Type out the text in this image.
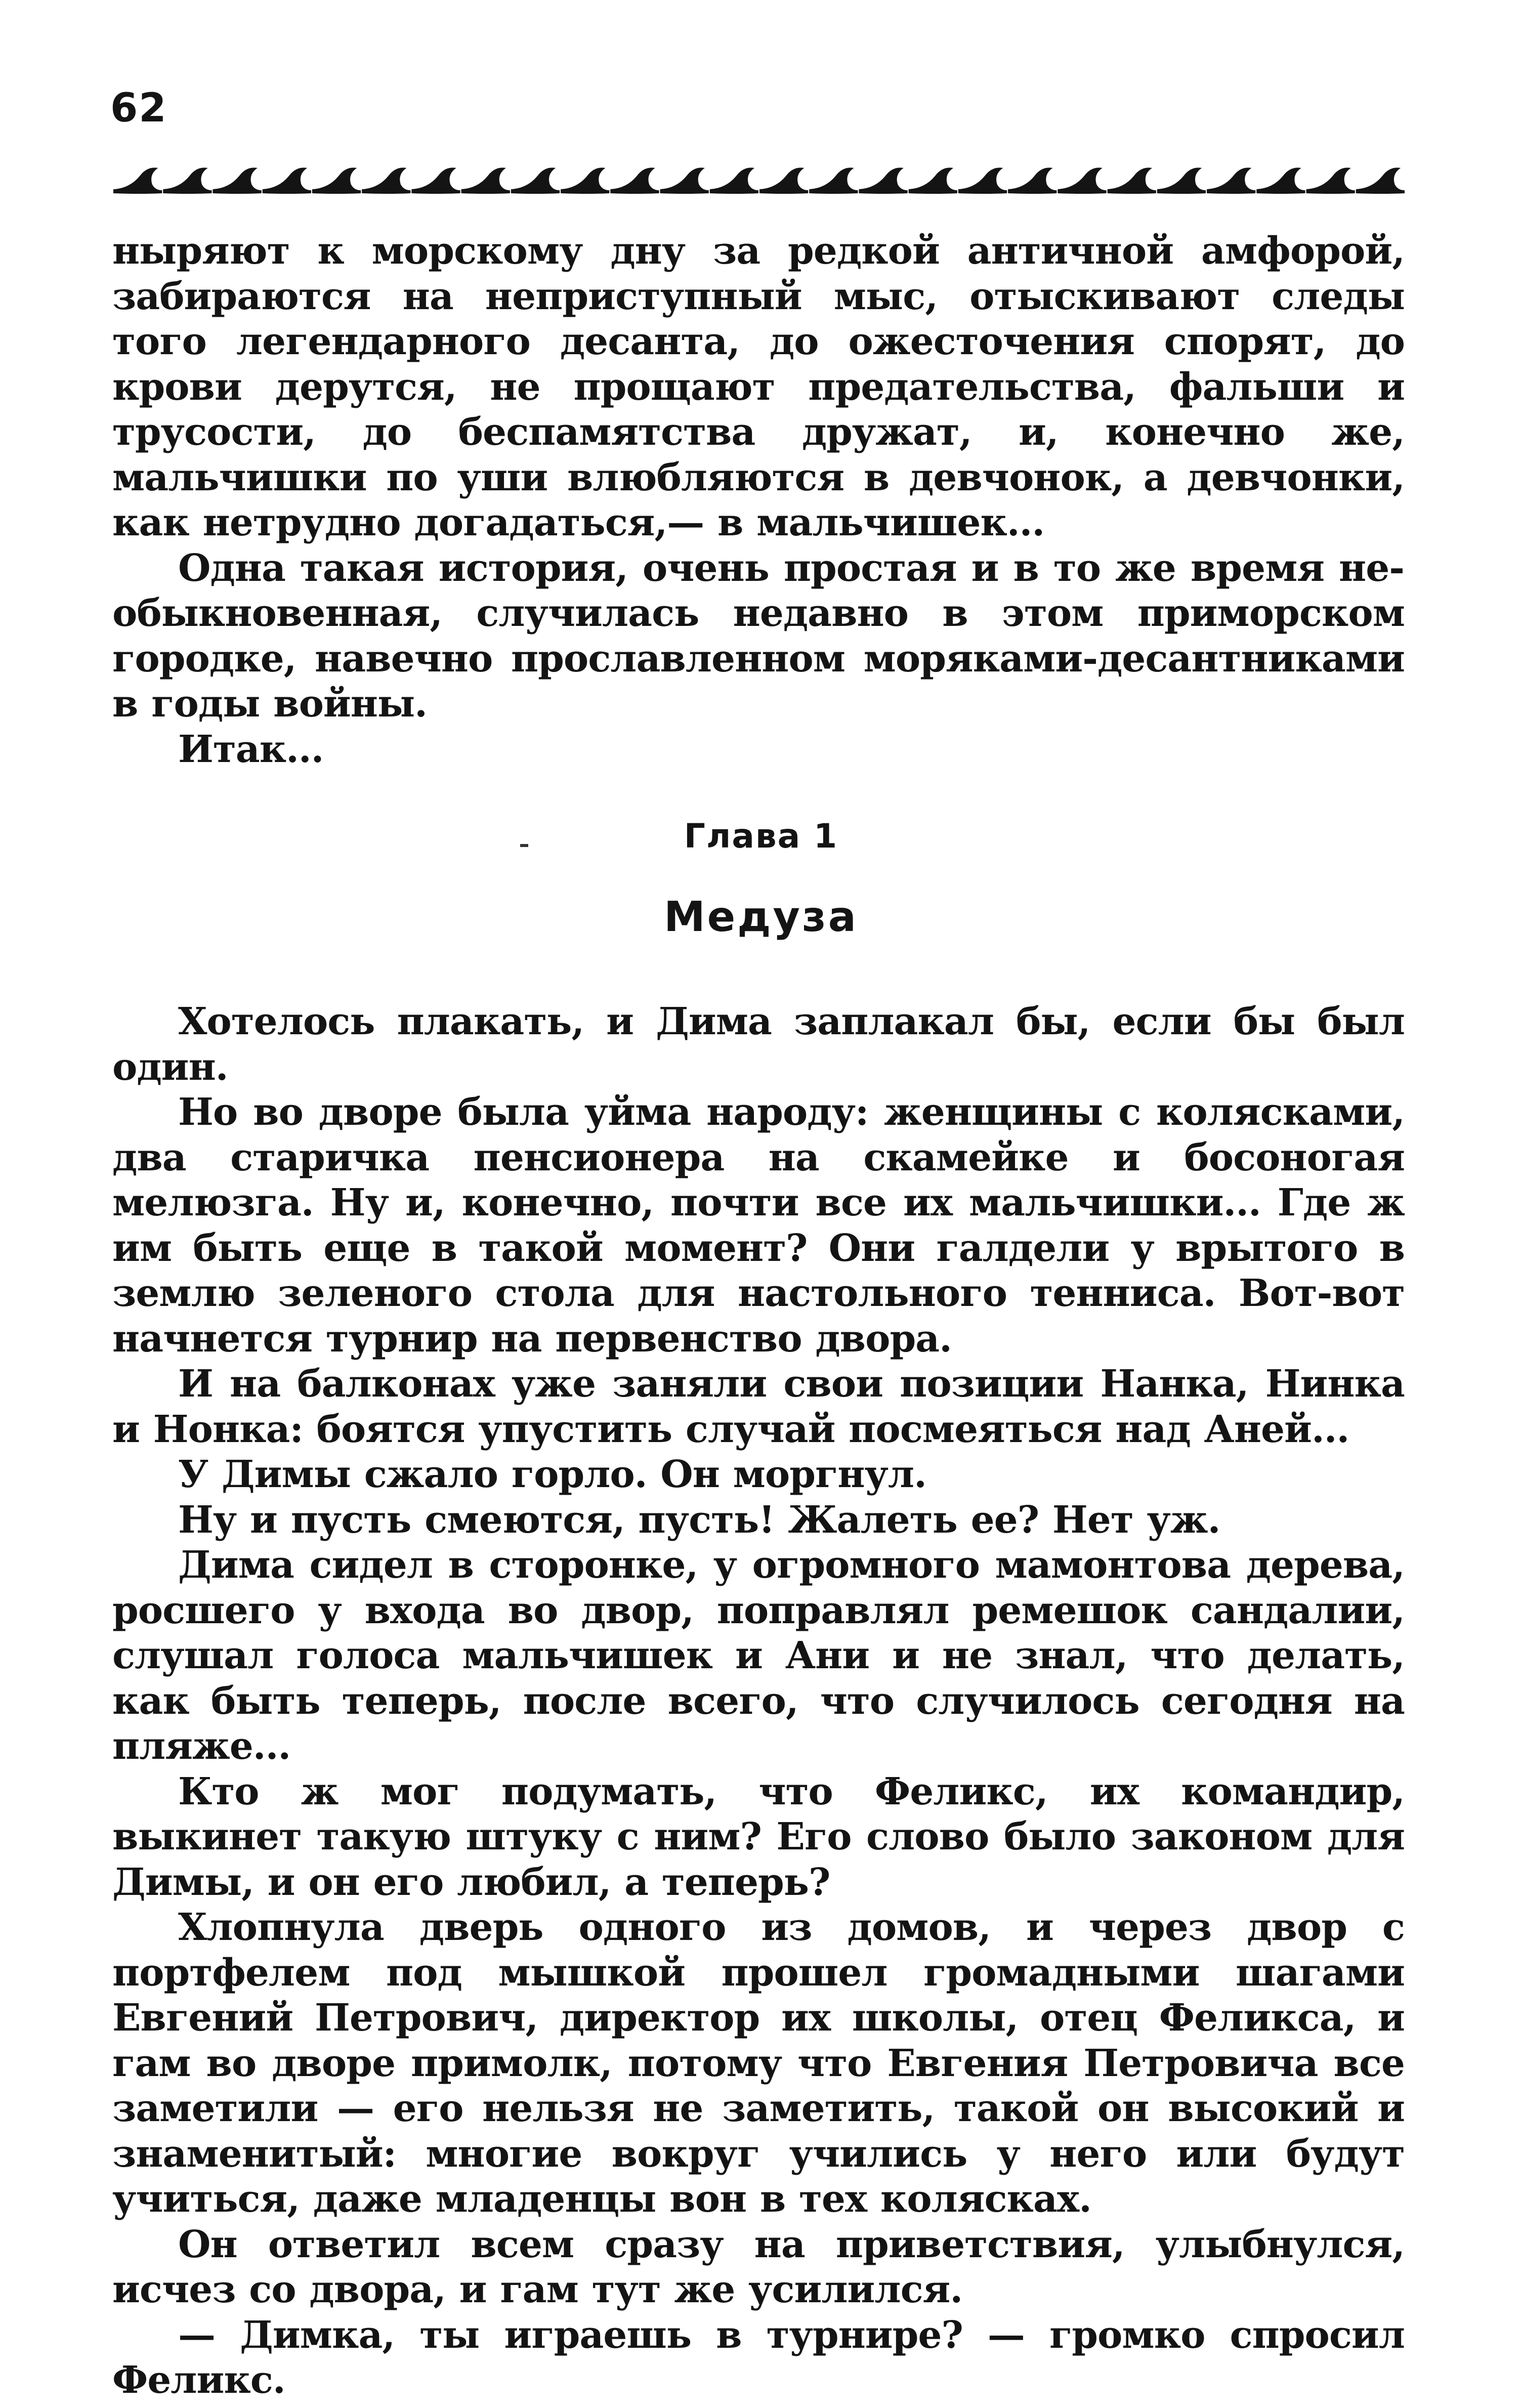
62

ныряют к морскому дну за редкой античной амфорой, забираются на неприступный мыс, отыскивают следы того легендарного десанта, до ожесточения спорят, до крови дерутся, не прощают предательства, фальши и трусости, до беспамятства дружат, и, конечно же, мальчишки по уши влюбляются в девчонок, а девчонки, как нетрудно догадаться,— в мальчишек...

Одна такая история, очень простая и в то же время необыкновенная, случилась недавно в этом приморском городке, навечно прославленном моряками-десантниками в годы войны.

Итак...

Глава 1
Медуза

Хотелось плакать, и Дима заплакал бы, если бы был один.

Но во дворе была уйма народу: женщины с колясками, два старичка пенсионера на скамейке и босоногая мелюзга. Ну и, конечно, почти все их мальчишки... Где ж им быть еще в такой момент? Они галдели у врытого в землю зеленого стола для настольного тенниса. Вот-вот начнется турнир на первенство двора.

И на балконах уже заняли свои позиции Нанка, Нинка и Нонка: боятся упустить случай посмеяться над Аней...

У Димы сжало горло. Он моргнул.

Ну и пусть смеются, пусть! Жалеть ее? Нет уж.

Дима сидел в сторонке, у огромного мамонтова дерева, росшего у входа во двор, поправлял ремешок сандалии, слушал голоса мальчишек и Ани и не знал, что делать, как быть теперь, после всего, что случилось сегодня на пляже...

Кто ж мог подумать, что Феликс, их командир, выкинет такую штуку с ним? Его слово было законом для Димы, и он его любил, а теперь?

Хлопнула дверь одного из домов, и через двор с портфелем под мышкой прошел громадными шагами Евгений Петрович, директор их школы, отец Феликса, и гам во дворе примолк, потому что Евгения Петровича все заметили — его нельзя не заметить, такой он высокий и знаменитый: многие вокруг учились у него или будут учиться, даже младенцы вон в тех колясках.

Он ответил всем сразу на приветствия, улыбнулся, исчез со двора, и гам тут же усилился.

— Димка, ты играешь в турнире? — громко спросил Феликс.
